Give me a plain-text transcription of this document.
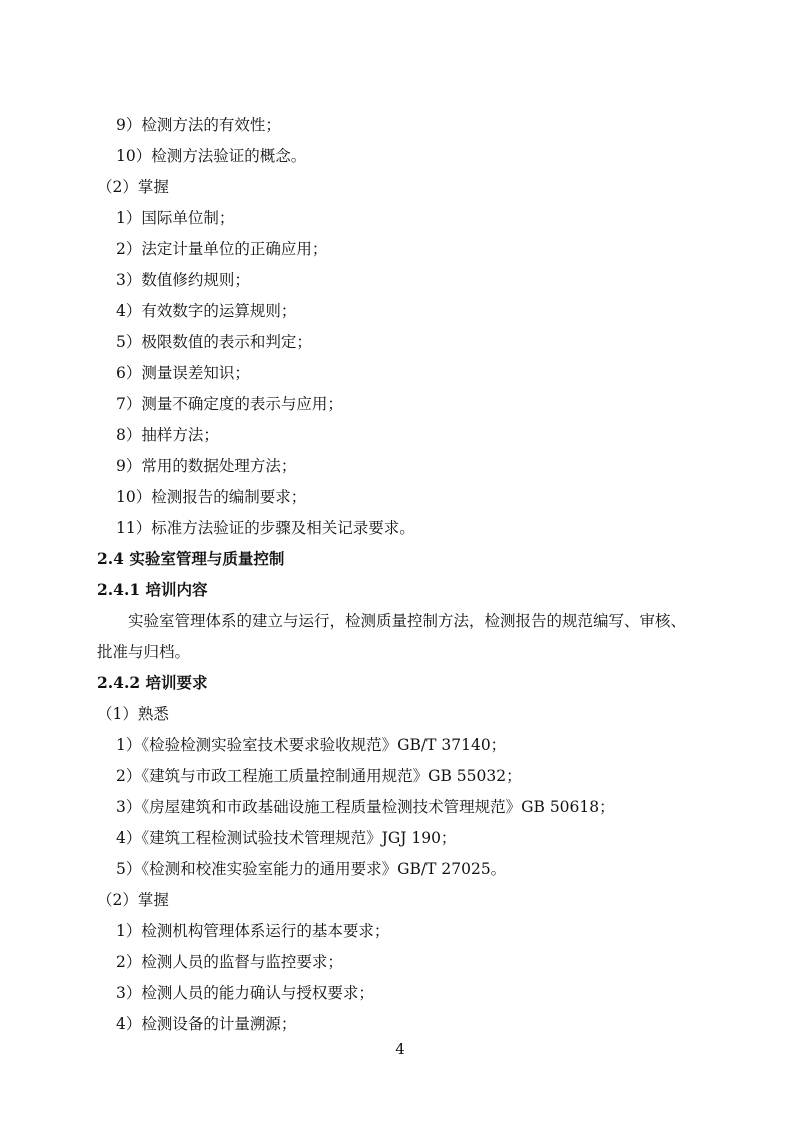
9）检测方法的有效性；
10）检测方法验证的概念。
（2）掌握
1）国际单位制；
2）法定计量单位的正确应用；
3）数值修约规则；
4）有效数字的运算规则；
5）极限数值的表示和判定；
6）测量误差知识；
7）测量不确定度的表示与应用；
8）抽样方法；
9）常用的数据处理方法；
10）检测报告的编制要求；
11）标准方法验证的步骤及相关记录要求。
2.4 实验室管理与质量控制
2.4.1 培训内容
实验室管理体系的建立与运行，检测质量控制方法，检测报告的规范编写、审核、
批准与归档。
2.4.2 培训要求
（1）熟悉
1）《检验检测实验室技术要求验收规范》GB/T 37140；
2）《建筑与市政工程施工质量控制通用规范》GB 55032；
3）《房屋建筑和市政基础设施工程质量检测技术管理规范》GB 50618；
4）《建筑工程检测试验技术管理规范》JGJ 190；
5）《检测和校准实验室能力的通用要求》GB/T 27025。
（2）掌握
1）检测机构管理体系运行的基本要求；
2）检测人员的监督与监控要求；
3）检测人员的能力确认与授权要求；
4）检测设备的计量溯源；
4
